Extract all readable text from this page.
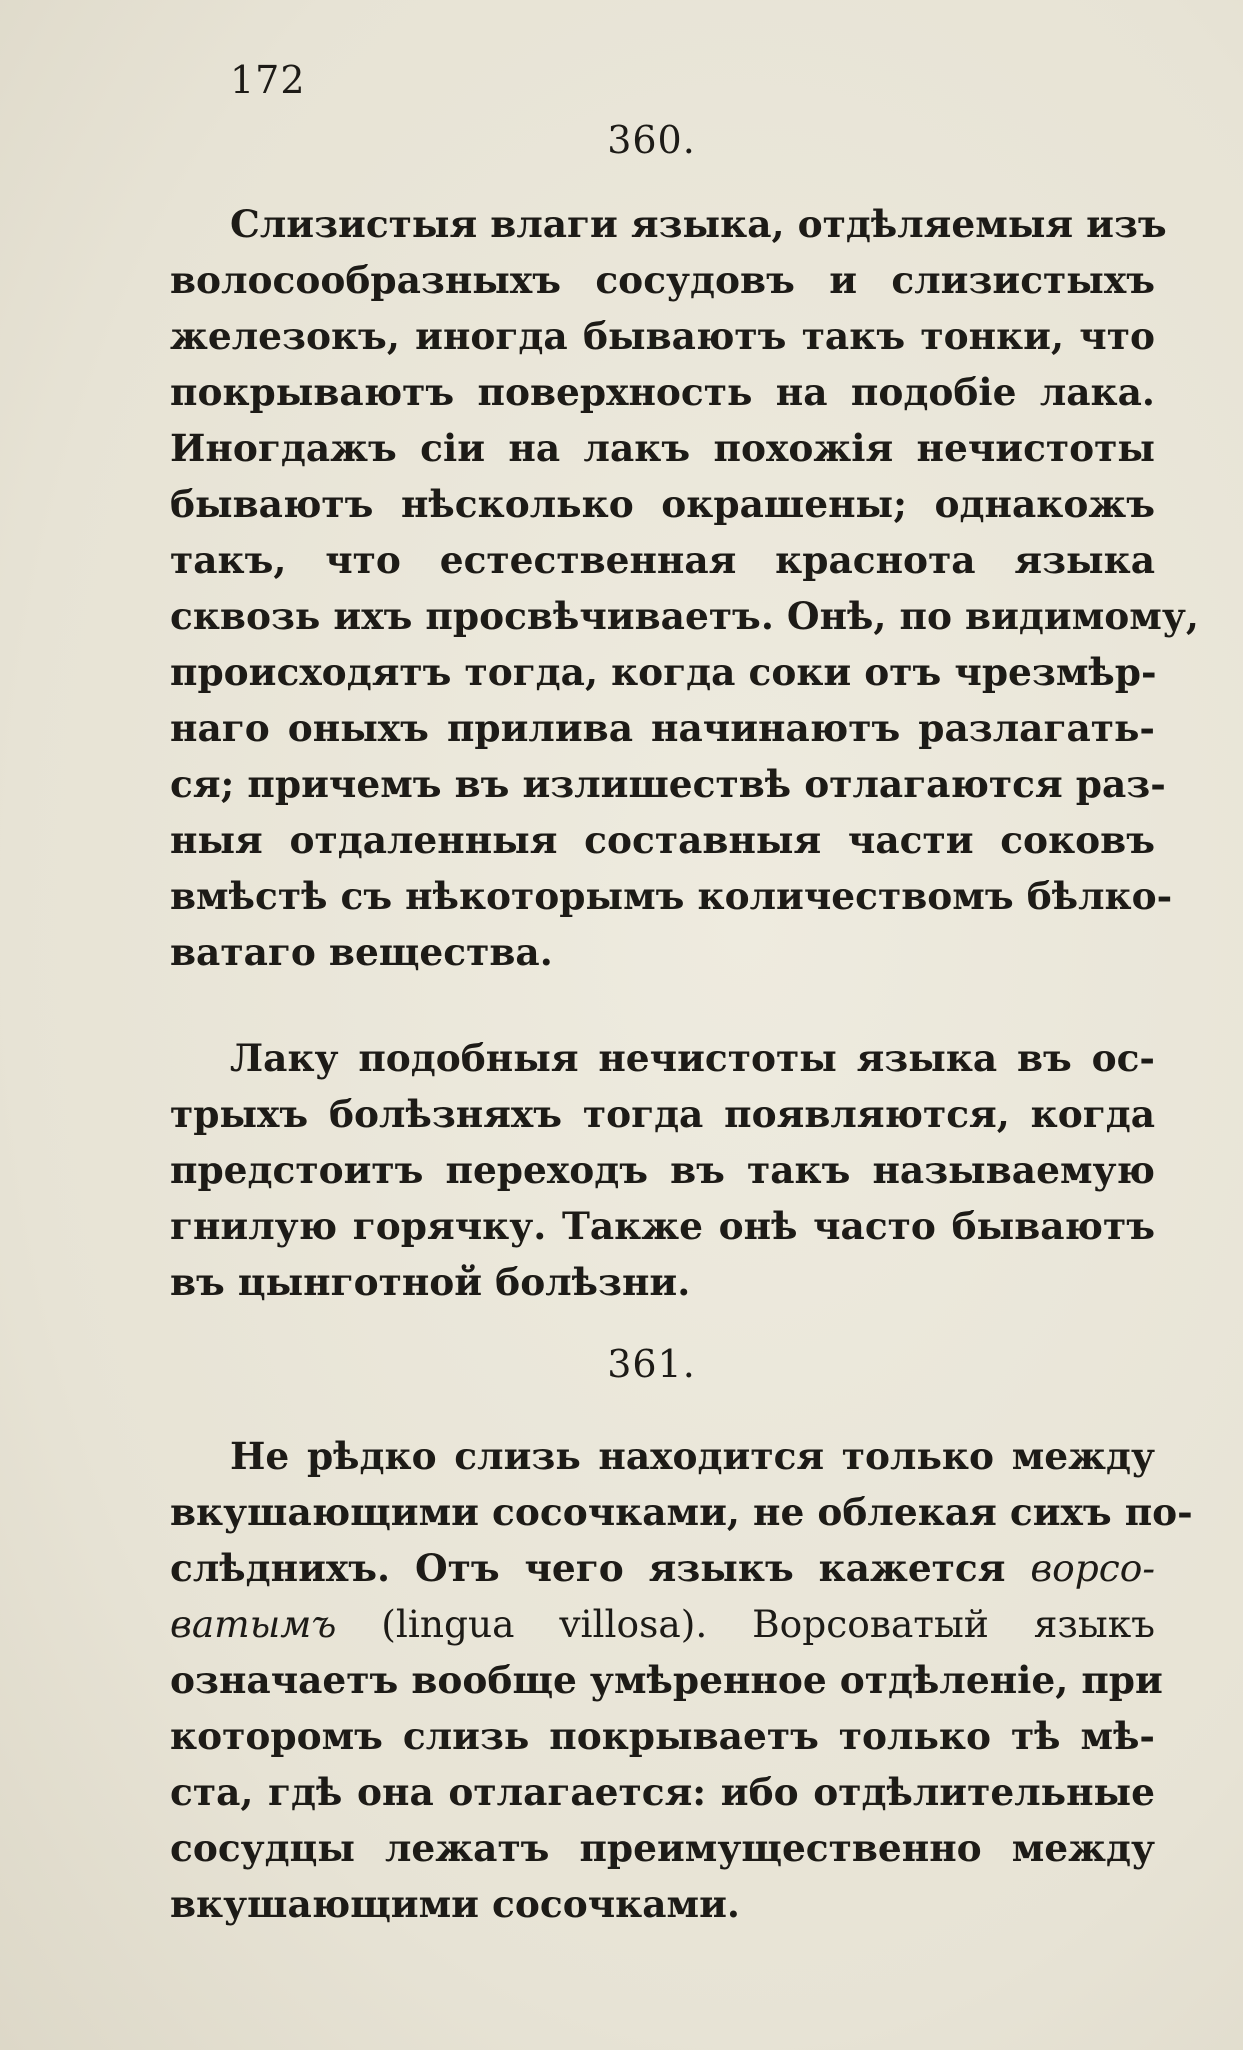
172
360.
Слизистыя влаги языка, отдѣляемыя изъ
волосообразныхъ сосудовъ и слизистыхъ
железокъ, иногда бываютъ такъ тонки, что
покрываютъ поверхность на подобіе лака.
Иногдажъ сіи на лакъ похожія нечистоты
бываютъ нѣсколько окрашены; однакожъ
такъ, что естественная краснота языка
сквозь ихъ просвѣчиваетъ. Онѣ, по видимому,
происходятъ тогда, когда соки отъ чрезмѣр-
наго оныхъ прилива начинаютъ разлагать-
ся; причемъ въ излишествѣ отлагаются раз-
ныя отдаленныя составныя части соковъ
вмѣстѣ съ нѣкоторымъ количествомъ бѣлко-
ватаго вещества.
Лаку подобныя нечистоты языка въ ос-
трыхъ болѣзняхъ тогда появляются, когда
предстоитъ переходъ въ такъ называемую
гнилую горячку. Также онѣ часто бываютъ
въ цынготной болѣзни.
361.
Не рѣдко слизь находится только между
вкушающими сосочками, не облекая сихъ по-
слѣднихъ. Отъ чего языкъ кажется ворсо-
ватымъ (lingua villosa). Ворсоватый языкъ
означаетъ вообще умѣренное отдѣленіе, при
которомъ слизь покрываетъ только тѣ мѣ-
ста, гдѣ она отлагается: ибо отдѣлительные
сосудцы лежатъ преимущественно между
вкушающими сосочками.
